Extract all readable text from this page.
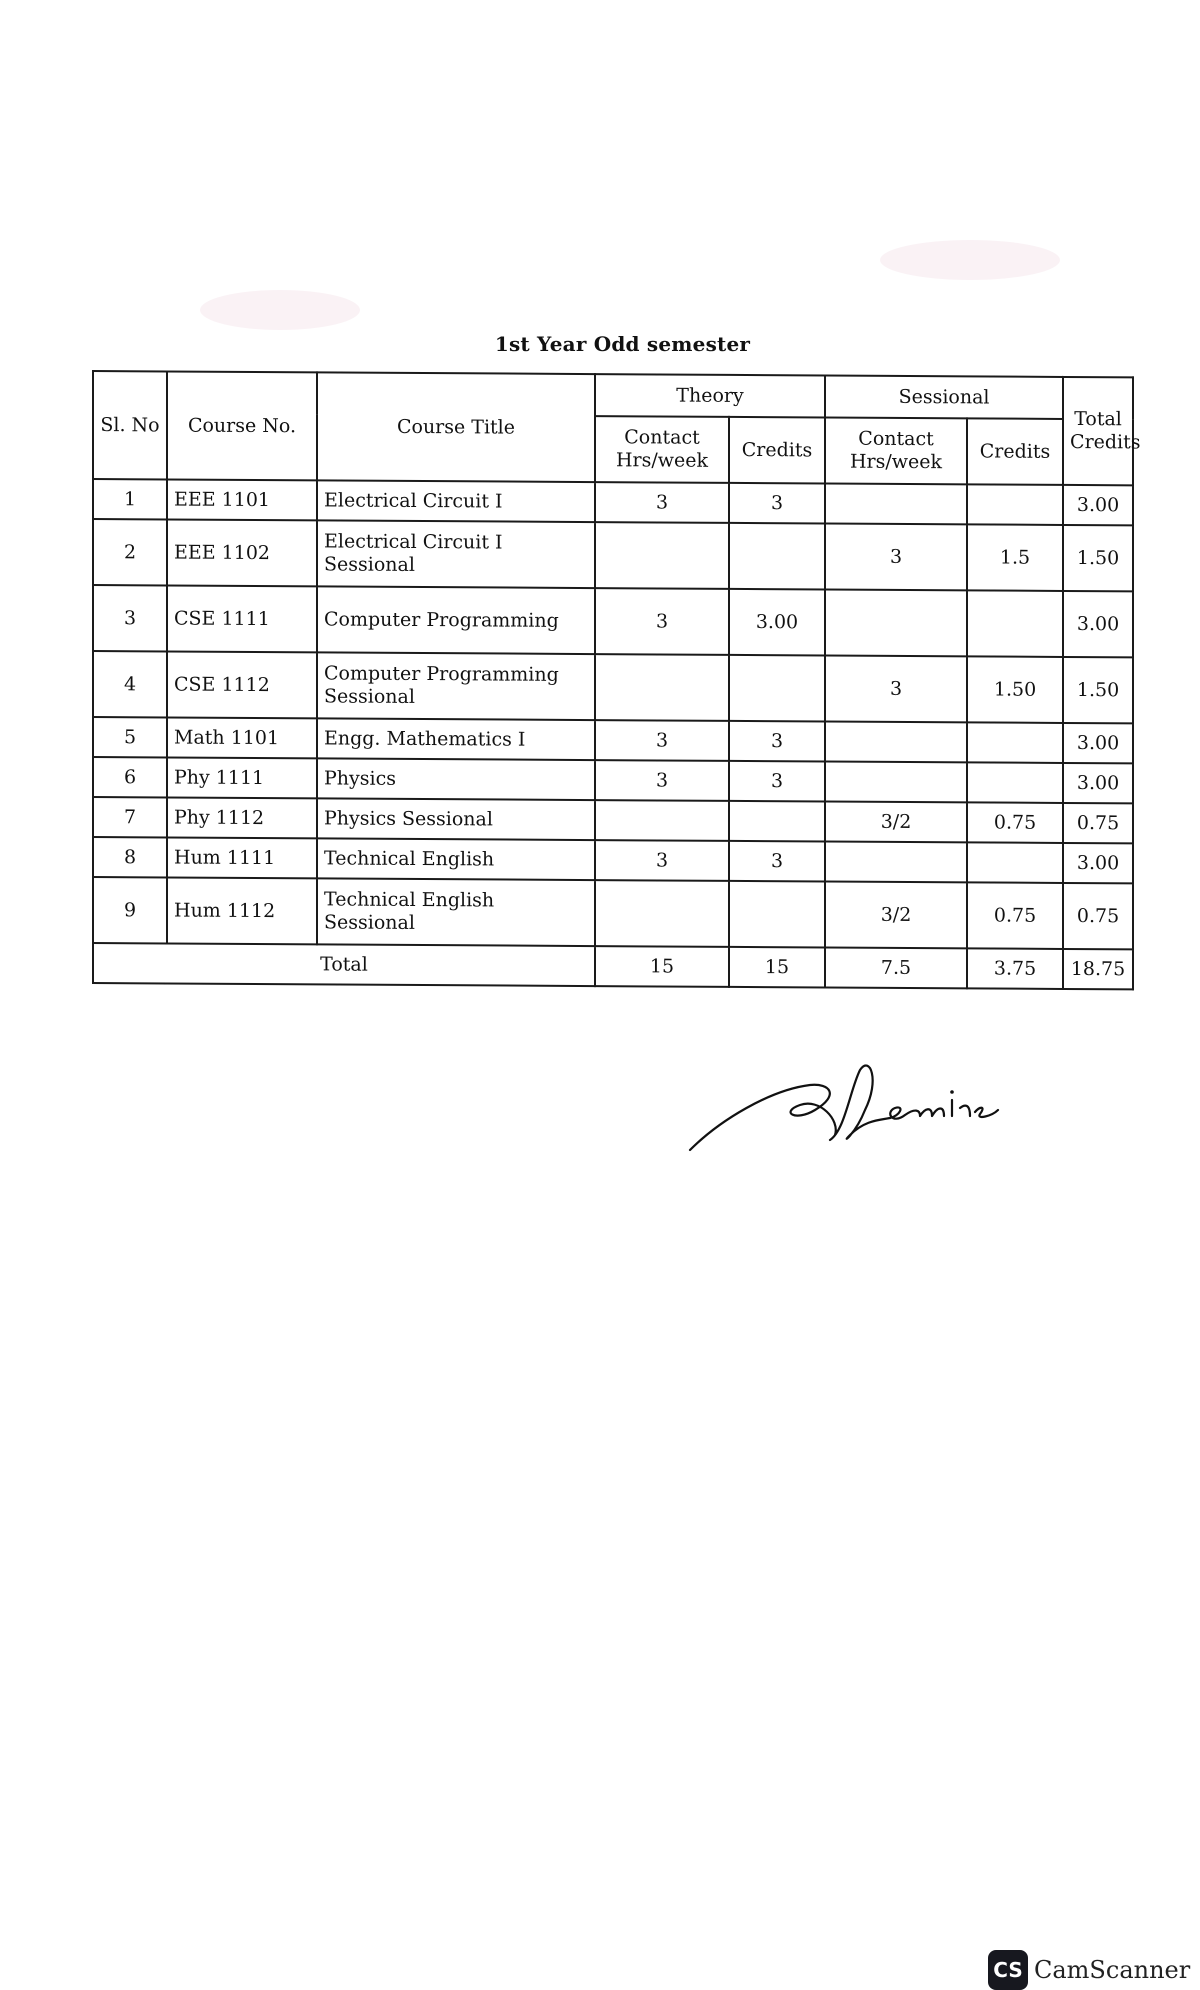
1st Year Odd semester
Sl. No	Course No.	Course Title	Theory		Sessional		Total Credits
			Contact Hrs/week	Credits	Contact Hrs/week	Credits	
1	EEE 1101	Electrical Circuit I	3	3			3.00
2	EEE 1102	Electrical Circuit I Sessional			3	1.5	1.50
3	CSE 1111	Computer Programming	3	3.00			3.00
4	CSE 1112	Computer Programming Sessional			3	1.50	1.50
5	Math 1101	Engg. Mathematics I	3	3			3.00
6	Phy 1111	Physics	3	3			3.00
7	Phy 1112	Physics Sessional			3/2	0.75	0.75
8	Hum 1111	Technical English	3	3			3.00
9	Hum 1112	Technical English Sessional			3/2	0.75	0.75
Total			15	15	7.5	3.75	18.75
CS CamScanner
